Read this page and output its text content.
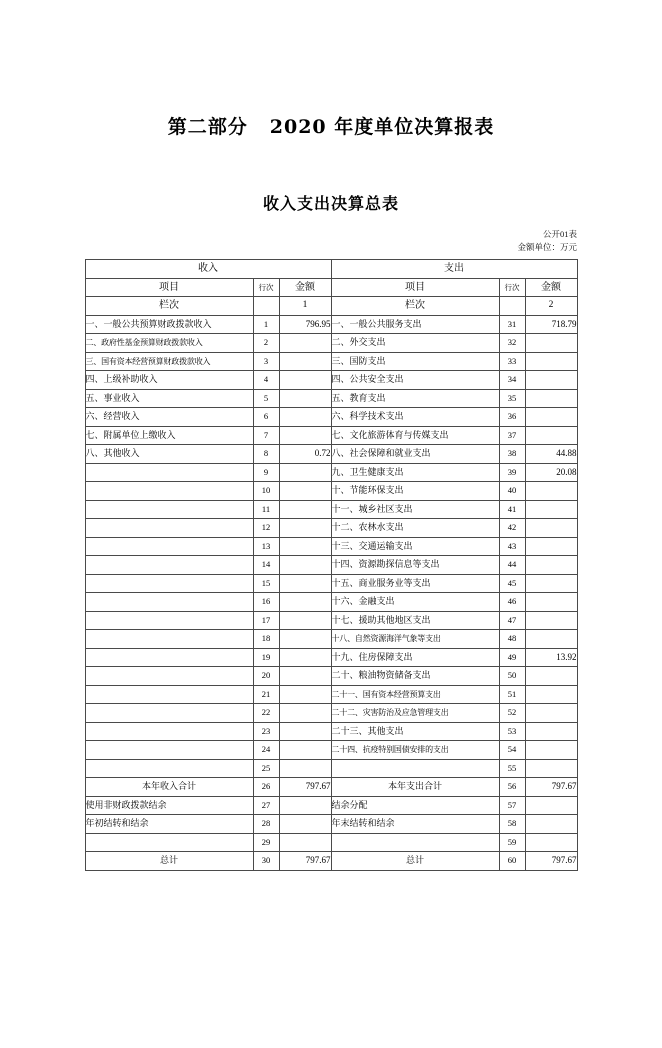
第二部分 2020 年度单位决算报表
收入支出决算总表
公开01表
金额单位：万元
收入			支出		
项目	行次	金额	项目	行次	金额
栏次		1	栏次		2
一、一般公共预算财政拨款收入	1	796.95	一、一般公共服务支出	31	718.79
二、政府性基金预算财政拨款收入	2		二、外交支出	32	
三、国有资本经营预算财政拨款收入	3		三、国防支出	33	
四、上级补助收入	4		四、公共安全支出	34	
五、事业收入	5		五、教育支出	35	
六、经营收入	6		六、科学技术支出	36	
七、附属单位上缴收入	7		七、文化旅游体育与传媒支出	37	
八、其他收入	8	0.72	八、社会保障和就业支出	38	44.88
	9		九、卫生健康支出	39	20.08
	10		十、节能环保支出	40	
	11		十一、城乡社区支出	41	
	12		十二、农林水支出	42	
	13		十三、交通运输支出	43	
	14		十四、资源勘探信息等支出	44	
	15		十五、商业服务业等支出	45	
	16		十六、金融支出	46	
	17		十七、援助其他地区支出	47	
	18		十八、自然资源海洋气象等支出	48	
	19		十九、住房保障支出	49	13.92
	20		二十、粮油物资储备支出	50	
	21		二十一、国有资本经营预算支出	51	
	22		二十二、灾害防治及应急管理支出	52	
	23		二十三、其他支出	53	
	24		二十四、抗疫特别国债安排的支出	54	
	25			55	
本年收入合计	26	797.67	本年支出合计	56	797.67
使用非财政拨款结余	27		结余分配	57	
年初结转和结余	28		年末结转和结余	58	
	29			59	
总计	30	797.67	总计	60	797.67
